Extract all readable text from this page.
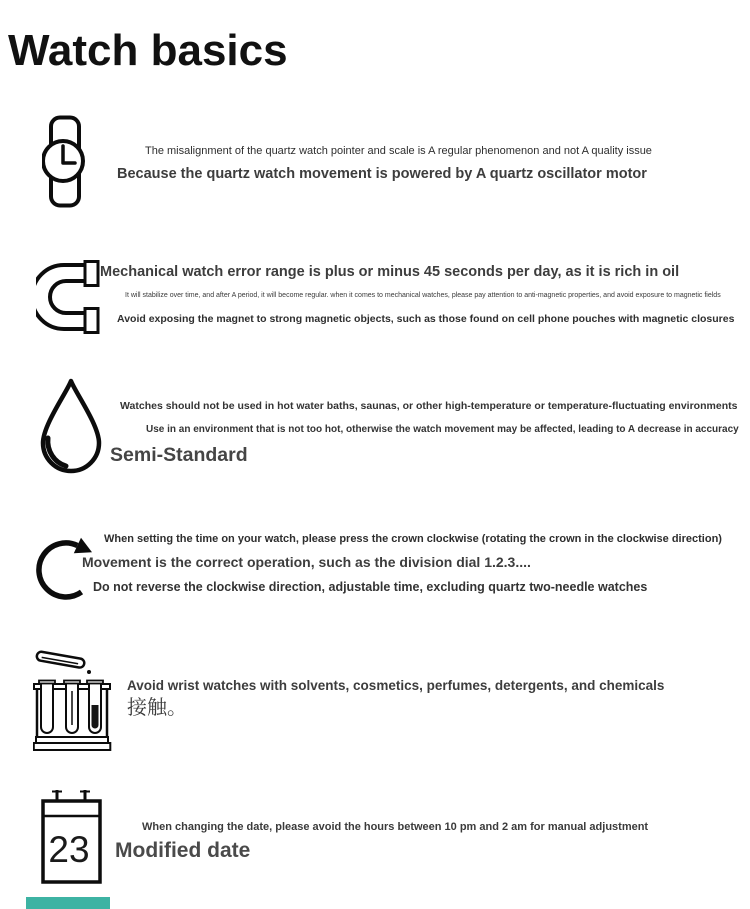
Watch basics
The misalignment of the quartz watch pointer and scale is A regular phenomenon and not A quality issue
Because the quartz watch movement is powered by A quartz oscillator motor
Mechanical watch error range is plus or minus 45 seconds per day, as it is rich in oil
It will stabilize over time, and after A period, it will become regular. when it comes to mechanical watches, please pay attention to anti-magnetic properties, and avoid exposure to magnetic fields
Avoid exposing the magnet to strong magnetic objects, such as those found on cell phone pouches with magnetic closures
Watches should not be used in hot water baths, saunas, or other high-temperature or temperature-fluctuating environments
Use in an environment that is not too hot, otherwise the watch movement may be affected, leading to A decrease in accuracy
Semi-Standard
When setting the time on your watch, please press the crown clockwise (rotating the crown in the clockwise direction)
Movement is the correct operation, such as the division dial 1.2.3....
Do not reverse the clockwise direction, adjustable time, excluding quartz two-needle watches
Avoid wrist watches with solvents, cosmetics, perfumes, detergents, and chemicals
接触。
23
When changing the date, please avoid the hours between 10 pm and 2 am for manual adjustment
Modified date
